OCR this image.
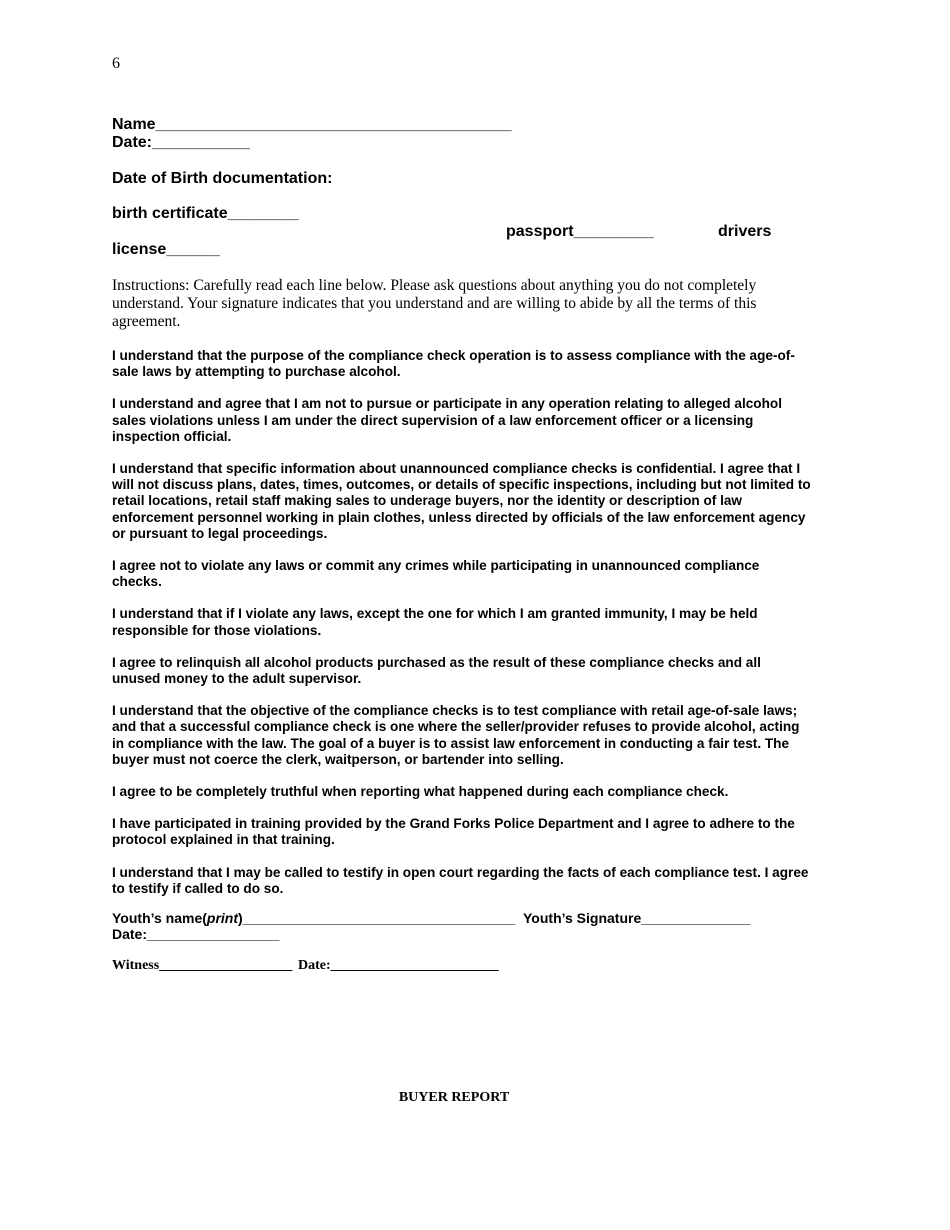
6
Name________________________________________
Date:___________
Date of Birth documentation:
birth certificate________
passport_________	drivers
license______
Instructions: Carefully read each line below. Please ask questions about anything you do not completely understand. Your signature indicates that you understand and are willing to abide by all the terms of this agreement.

I understand that the purpose of the compliance check operation is to assess compliance with the age-of-sale laws by attempting to purchase alcohol.

I understand and agree that I am not to pursue or participate in any operation relating to alleged alcohol sales violations unless I am under the direct supervision of a law enforcement officer or a licensing inspection official.

I understand that specific information about unannounced compliance checks is confidential. I agree that I will not discuss plans, dates, times, outcomes, or details of specific inspections, including but not limited to retail locations, retail staff making sales to underage buyers, nor the identity or description of law enforcement personnel working in plain clothes, unless directed by officials of the law enforcement agency or pursuant to legal proceedings.

I agree not to violate any laws or commit any crimes while participating in unannounced compliance checks.

I understand that if I violate any laws, except the one for which I am granted immunity, I may be held responsible for those violations.

I agree to relinquish all alcohol products purchased as the result of these compliance checks and all unused money to the adult supervisor.

I understand that the objective of the compliance checks is to test compliance with retail age-of-sale laws; and that a successful compliance check is one where the seller/provider refuses to provide alcohol, acting in compliance with the law. The goal of a buyer is to assist law enforcement in conducting a fair test. The buyer must not coerce the clerk, waitperson, or bartender into selling.

I agree to be completely truthful when reporting what happened during each compliance check.

I have participated in training provided by the Grand Forks Police Department and I agree to adhere to the protocol explained in that training.

I understand that I may be called to testify in open court regarding the facts of each compliance test. I agree to testify if called to do so.

Youth’s name(print)___________________________________ Youth’s Signature______________
Date:_________________
Witness___________________ Date:________________________
BUYER REPORT
